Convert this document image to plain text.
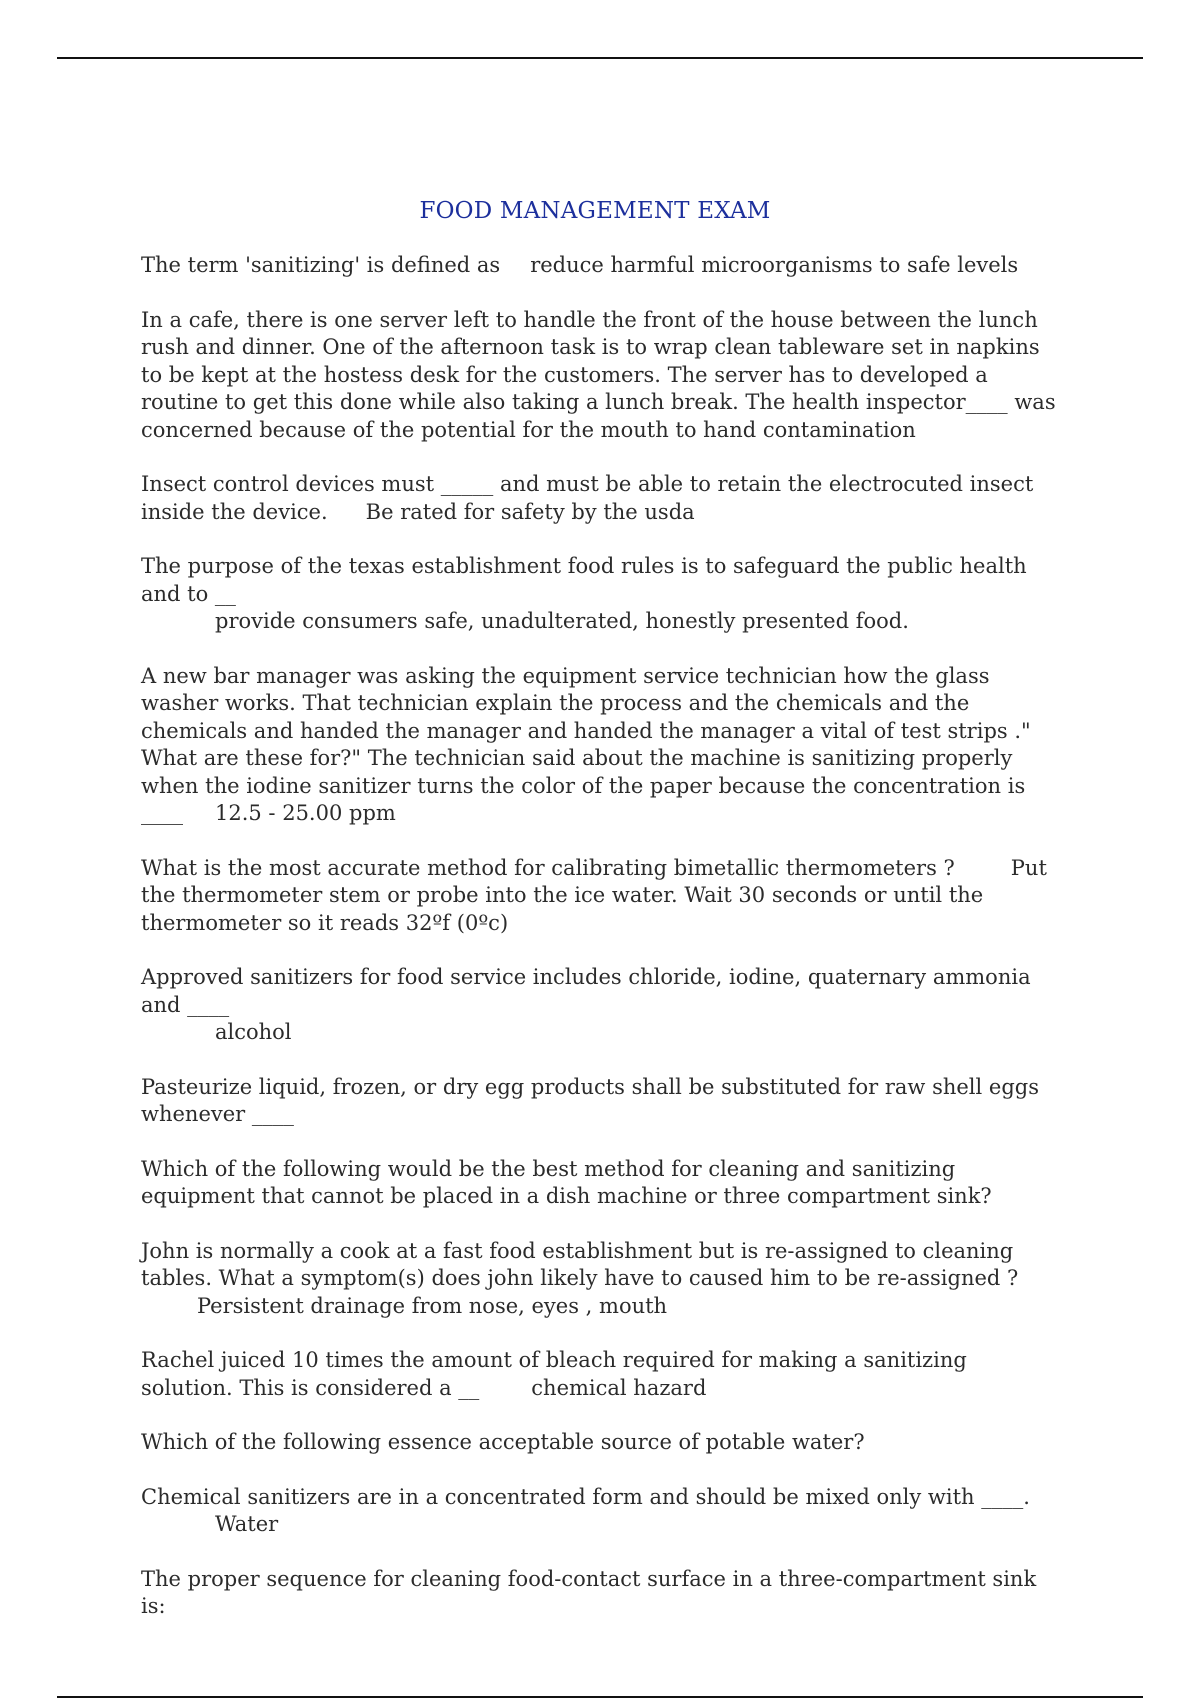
FOOD MANAGEMENT EXAM

The term 'sanitizing' is defined as reduce harmful microorganisms to safe levels

In a cafe, there is one server left to handle the front of the house between the lunch rush and dinner. One of the afternoon task is to wrap clean tableware set in napkins to be kept at the hostess desk for the customers. The server has to developed a routine to get this done while also taking a lunch break. The health inspector____ was concerned because of the potential for the mouth to hand contamination

Insect control devices must _____ and must be able to retain the electrocuted insect inside the device. Be rated for safety by the usda

The purpose of the texas establishment food rules is to safeguard the public health and to __
provide consumers safe, unadulterated, honestly presented food.

A new bar manager was asking the equipment service technician how the glass washer works. That technician explain the process and the chemicals and the chemicals and handed the manager and handed the manager a vital of test strips ." What are these for?" The technician said about the machine is sanitizing properly when the iodine sanitizer turns the color of the paper because the concentration is ____ 12.5 - 25.00 ppm

What is the most accurate method for calibrating bimetallic thermometers ?	Put the thermometer stem or probe into the ice water. Wait 30 seconds or until the thermometer so it reads 32ºf (0ºc)

Approved sanitizers for food service includes chloride, iodine, quaternary ammonia and ____
alcohol

Pasteurize liquid, frozen, or dry egg products shall be substituted for raw shell eggs whenever ____

Which of the following would be the best method for cleaning and sanitizing equipment that cannot be placed in a dish machine or three compartment sink?

John is normally a cook at a fast food establishment but is re-assigned to cleaning tables. What a symptom(s) does john likely have to caused him to be re-assigned ?Persistent drainage from nose, eyes , mouth

Rachel juiced 10 times the amount of bleach required for making a sanitizing solution. This is considered a __ chemical hazard

Which of the following essence acceptable source of potable water?

Chemical sanitizers are in a concentrated form and should be mixed only with ____.
Water

The proper sequence for cleaning food-contact surface in a three-compartment sink is:
